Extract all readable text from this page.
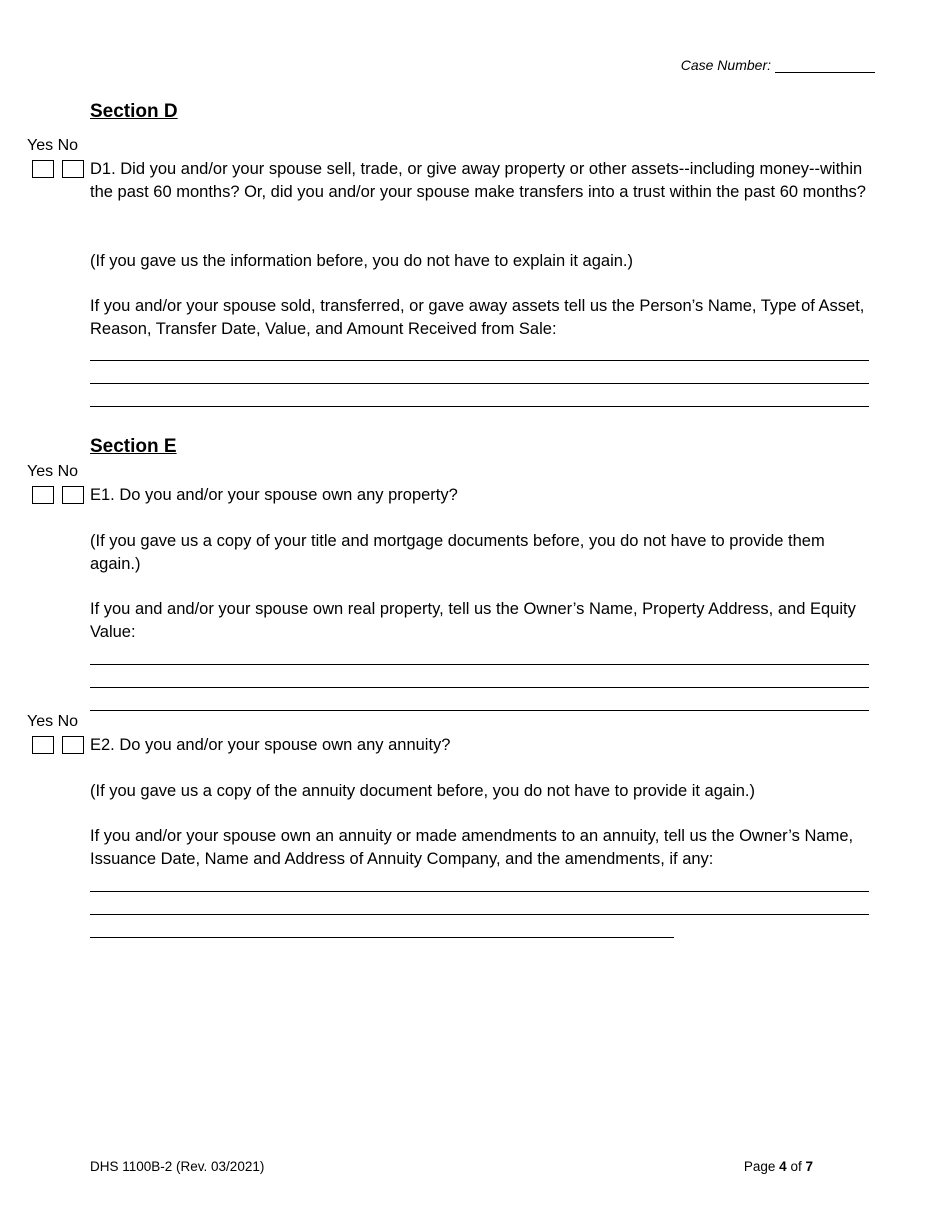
Case Number:
Section D
Yes No
D1. Did you and/or your spouse sell, trade, or give away property or other assets--including money--within the past 60 months? Or, did you and/or your spouse make transfers into a trust within the past 60 months?
(If you gave us the information before, you do not have to explain it again.)
If you and/or your spouse sold, transferred, or gave away assets tell us the Person’s Name, Type of Asset, Reason, Transfer Date, Value, and Amount Received from Sale:
Section E
Yes No
E1. Do you and/or your spouse own any property?
(If you gave us a copy of your title and mortgage documents before, you do not have to provide them again.)
If you and and/or your spouse own real property, tell us the Owner’s Name, Property Address, and Equity Value:
Yes No
E2. Do you and/or your spouse own any annuity?
(If you gave us a copy of the annuity document before, you do not have to provide it again.)
If you and/or your spouse own an annuity or made amendments to an annuity, tell us the Owner’s Name, Issuance Date, Name and Address of Annuity Company, and the amendments, if any:
DHS 1100B-2 (Rev. 03/2021)	Page 4 of 7
